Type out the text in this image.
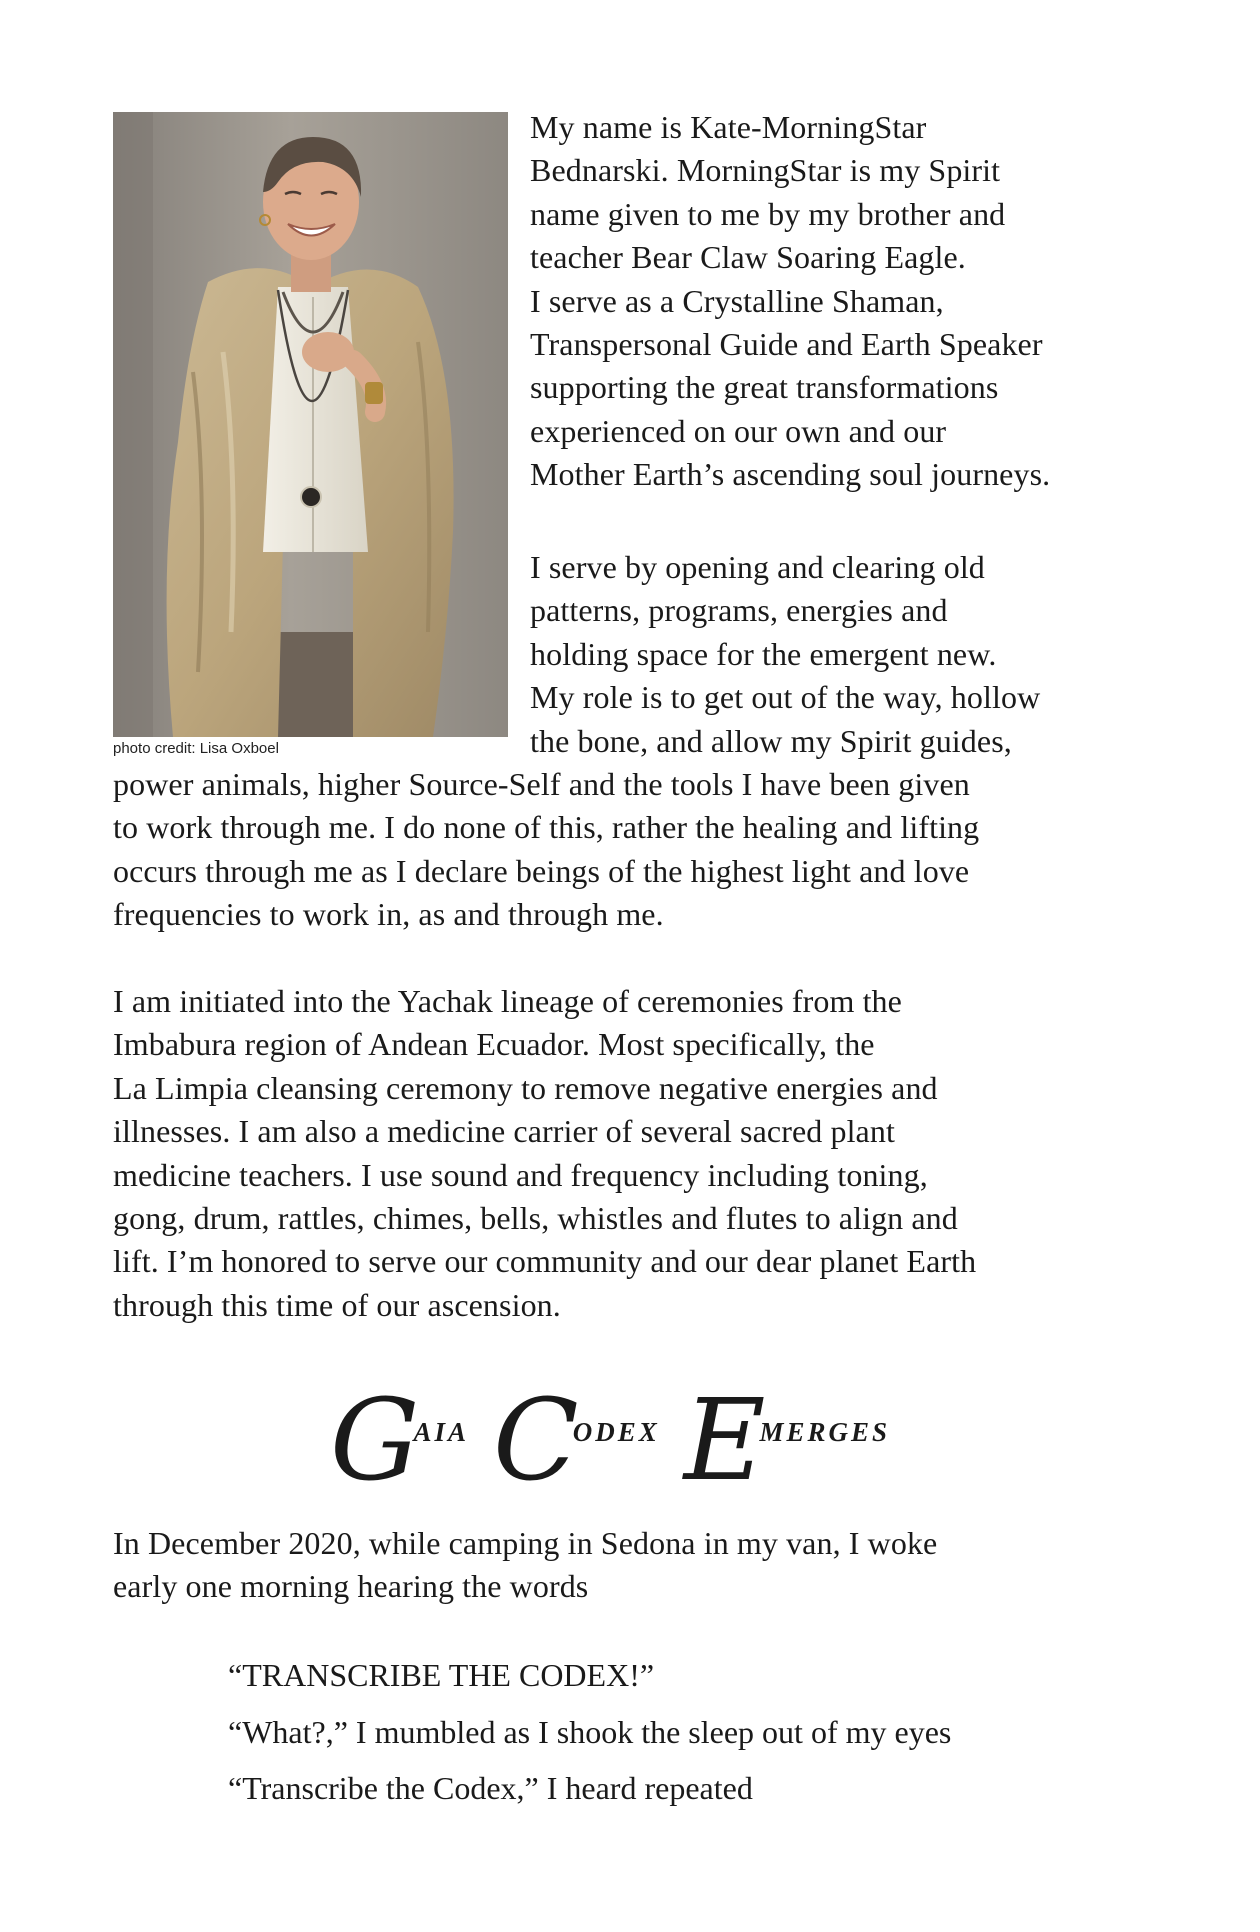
photo credit: Lisa Oxboel
My name is Kate-MorningStar
Bednarski. MorningStar is my Spirit
name given to me by my brother and
teacher Bear Claw Soaring Eagle.
I serve as a Crystalline Shaman,
Transpersonal Guide and Earth Speaker
supporting the great transformations
experienced on our own and our
Mother Earth’s ascending soul journeys.
I serve by opening and clearing old
patterns, programs, energies and
holding space for the emergent new.
My role is to get out of the way, hollow
the bone, and allow my Spirit guides,
power animals, higher Source-Self and the tools I have been given
to work through me. I do none of this, rather the healing and lifting
occurs through me as I declare beings of the highest light and love
frequencies to work in, as and through me.
I am initiated into the Yachak lineage of ceremonies from the
Imbabura region of Andean Ecuador. Most specifically, the
La Limpia cleansing ceremony to remove negative energies and
illnesses. I am also a medicine carrier of several sacred plant
medicine teachers. I use sound and frequency including toning,
gong, drum, rattles, chimes, bells, whistles and flutes to align and
lift. I’m honored to serve our community and our dear planet Earth
through this time of our ascension.
GAIA CODEX EMERGES
In December 2020, while camping in Sedona in my van, I woke
early one morning hearing the words
“TRANSCRIBE THE CODEX!”
“What?,” I mumbled as I shook the sleep out of my eyes
“Transcribe the Codex,” I heard repeated
